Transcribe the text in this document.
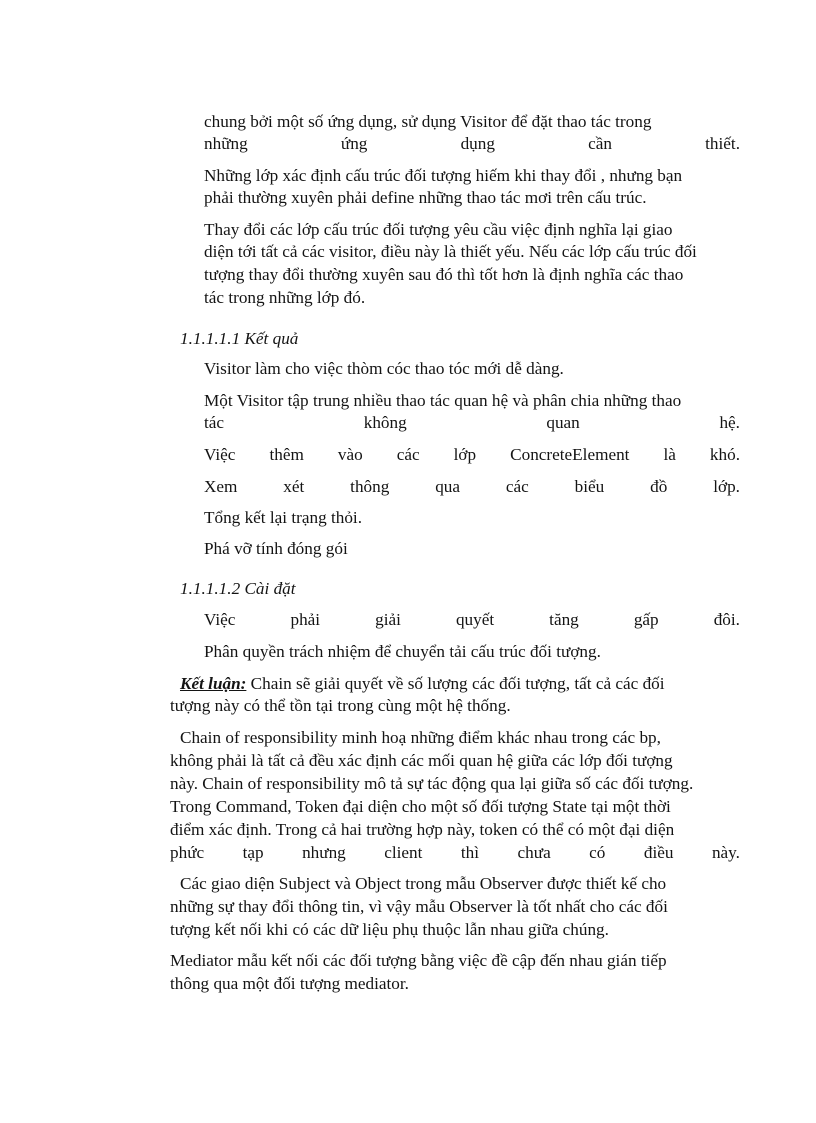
chung bởi một số ứng dụng, sử dụng Visitor để đặt thao tác trong
những	ứng	dụng	cần	thiết.
Những lớp xác định cấu trúc đối tượng hiếm khi thay đổi , nhưng bạn
phải thường xuyên phải define những thao tác mơi trên cấu trúc.
Thay đổi các lớp cấu trúc đối tượng yêu cầu việc định nghĩa lại giao
diện tới tất cả các visitor, điều này là thiết yếu. Nếu các lớp cấu trúc đối
tượng thay đổi thường xuyên sau đó thì tốt hơn là định nghĩa các thao
tác trong những lớp đó.
1.1.1.1.1 Kết quả
Visitor làm cho việc thòm cóc thao tóc mới dễ dàng.
Một Visitor tập trung nhiều thao tác quan hệ và phân chia những thao
tác	không	quan	hệ.
Việc thêm vào các lớp ConcreteElement là khó.
Xem	xét	thông	qua	các	biểu	đồ	lớp.
Tổng kết lại trạng thỏi.
Phá vỡ tính đóng gói
1.1.1.1.2 Cài đặt
Việc	phải	giải	quyết	tăng	gấp	đôi.
Phân quyền trách nhiệm để chuyển tải cấu trúc đối tượng.
Kết luận: Chain sẽ giải quyết về số lượng các đối tượng, tất cả các đối
tượng này có thể tồn tại trong cùng một hệ thống.
Chain of responsibility minh hoạ những điểm khác nhau trong các bp,
không phải là tất cả đều xác định các mối quan hệ giữa các lớp đối tượng
này. Chain of responsibility mô tả sự tác động qua lại giữa số các đối tượng.
Trong Command, Token đại diện cho một số đối tượng State tại một thời
điểm xác định. Trong cả hai trường hợp này, token có thể có một đại diện
phức tạp nhưng client thì chưa có điều này.
Các giao diện Subject và Object trong mẫu Observer được thiết kế cho
những sự thay đổi thông tin, vì vậy mẫu Observer là tốt nhất cho các đối
tượng kết nối khi có các dữ liệu phụ thuộc lẫn nhau giữa chúng.
Mediator mẫu kết nối các đối tượng bằng việc đề cập đến nhau gián tiếp
thông qua một đối tượng mediator.
